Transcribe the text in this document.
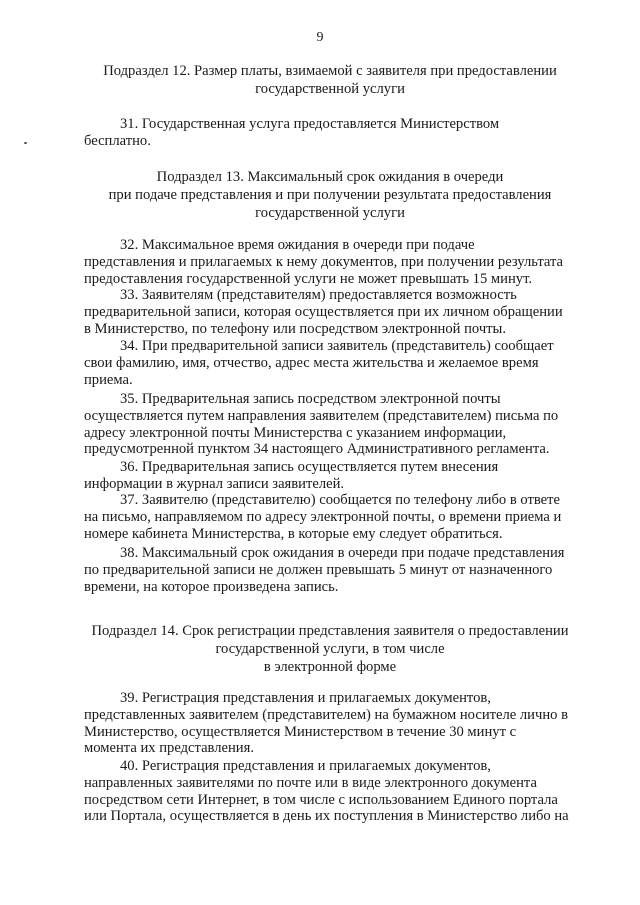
9
Подраздел 12. Размер платы, взимаемой с заявителя при предоставлении
государственной услуги
31. Государственная услуга предоставляется Министерством
бесплатно.
Подраздел 13. Максимальный срок ожидания в очереди
при подаче представления и при получении результата предоставления
государственной услуги
32. Максимальное время ожидания в очереди при подаче
представления и прилагаемых к нему документов, при получении результата
предоставления государственной услуги не может превышать 15 минут.
33. Заявителям (представителям) предоставляется возможность
предварительной записи, которая осуществляется при их личном обращении
в Министерство, по телефону или посредством электронной почты.
34. При предварительной записи заявитель (представитель) сообщает
свои фамилию, имя, отчество, адрес места жительства и желаемое время
приема.
35. Предварительная запись посредством электронной почты
осуществляется путем направления заявителем (представителем) письма по
адресу электронной почты Министерства с указанием информации,
предусмотренной пунктом 34 настоящего Административного регламента.
36. Предварительная запись осуществляется путем внесения
информации в журнал записи заявителей.
37. Заявителю (представителю) сообщается по телефону либо в ответе
на письмо, направляемом по адресу электронной почты, о времени приема и
номере кабинета Министерства, в которые ему следует обратиться.
38. Максимальный срок ожидания в очереди при подаче представления
по предварительной записи не должен превышать 5 минут от назначенного
времени, на которое произведена запись.
Подраздел 14. Срок регистрации представления заявителя о предоставлении
государственной услуги, в том числе
в электронной форме
39. Регистрация представления и прилагаемых документов,
представленных заявителем (представителем) на бумажном носителе лично в
Министерство, осуществляется Министерством в течение 30 минут с
момента их представления.
40. Регистрация представления и прилагаемых документов,
направленных заявителями по почте или в виде электронного документа
посредством сети Интернет, в том числе с использованием Единого портала
или Портала, осуществляется в день их поступления в Министерство либо на
